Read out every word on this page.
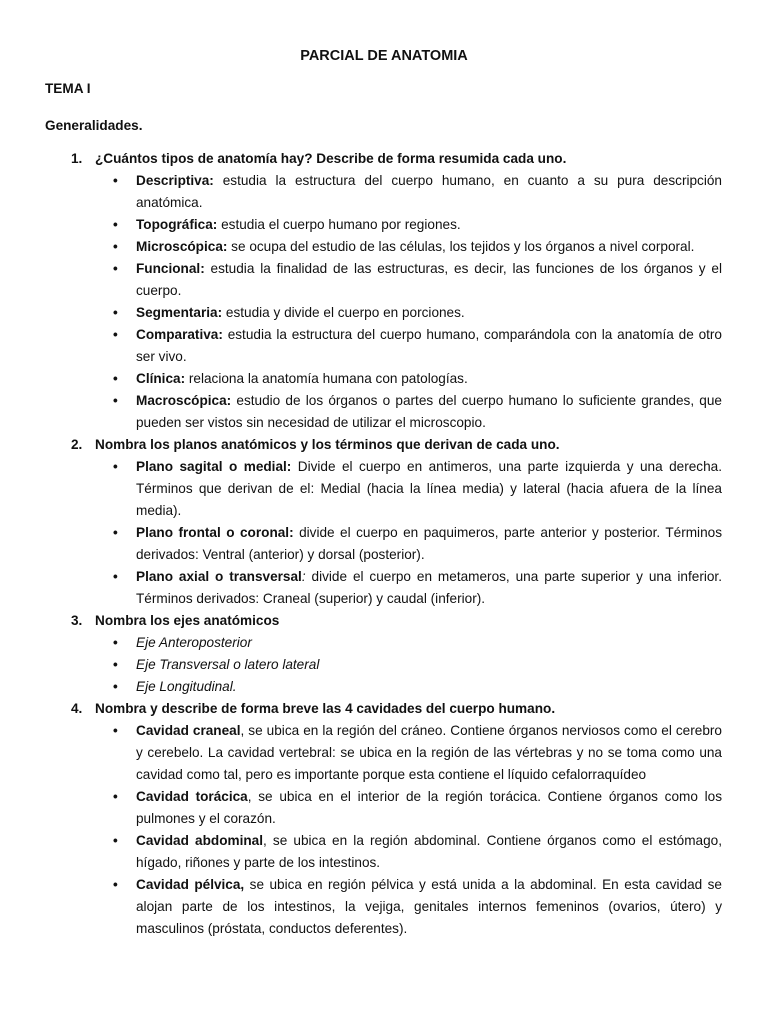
PARCIAL DE ANATOMIA
TEMA I
Generalidades.
1. ¿Cuántos tipos de anatomía hay? Describe de forma resumida cada uno.
• Descriptiva: estudia la estructura del cuerpo humano, en cuanto a su pura descripción anatómica.
• Topográfica: estudia el cuerpo humano por regiones.
• Microscópica: se ocupa del estudio de las células, los tejidos y los órganos a nivel corporal.
• Funcional: estudia la finalidad de las estructuras, es decir, las funciones de los órganos y el cuerpo.
• Segmentaria: estudia y divide el cuerpo en porciones.
• Comparativa: estudia la estructura del cuerpo humano, comparándola con la anatomía de otro ser vivo.
• Clínica: relaciona la anatomía humana con patologías.
• Macroscópica: estudio de los órganos o partes del cuerpo humano lo suficiente grandes, que pueden ser vistos sin necesidad de utilizar el microscopio.
2. Nombra los planos anatómicos y los términos que derivan de cada uno.
• Plano sagital o medial: Divide el cuerpo en antimeros, una parte izquierda y una derecha. Términos que derivan de el: Medial (hacia la línea media) y lateral (hacia afuera de la línea media).
• Plano frontal o coronal: divide el cuerpo en paquimeros, parte anterior y posterior. Términos derivados: Ventral (anterior) y dorsal (posterior).
• Plano axial o transversal: divide el cuerpo en metameros, una parte superior y una inferior. Términos derivados: Craneal (superior) y caudal (inferior).
3. Nombra los ejes anatómicos
• Eje Anteroposterior
• Eje Transversal o latero lateral
• Eje Longitudinal.
4. Nombra y describe de forma breve las 4 cavidades del cuerpo humano.
• Cavidad craneal, se ubica en la región del cráneo. Contiene órganos nerviosos como el cerebro y cerebelo. La cavidad vertebral: se ubica en la región de las vértebras y no se toma como una cavidad como tal, pero es importante porque esta contiene el líquido cefalorraquídeo
• Cavidad torácica, se ubica en el interior de la región torácica. Contiene órganos como los pulmones y el corazón.
• Cavidad abdominal, se ubica en la región abdominal. Contiene órganos como el estómago, hígado, riñones y parte de los intestinos.
• Cavidad pélvica, se ubica en región pélvica y está unida a la abdominal. En esta cavidad se alojan parte de los intestinos, la vejiga, genitales internos femeninos (ovarios, útero) y masculinos (próstata, conductos deferentes).
